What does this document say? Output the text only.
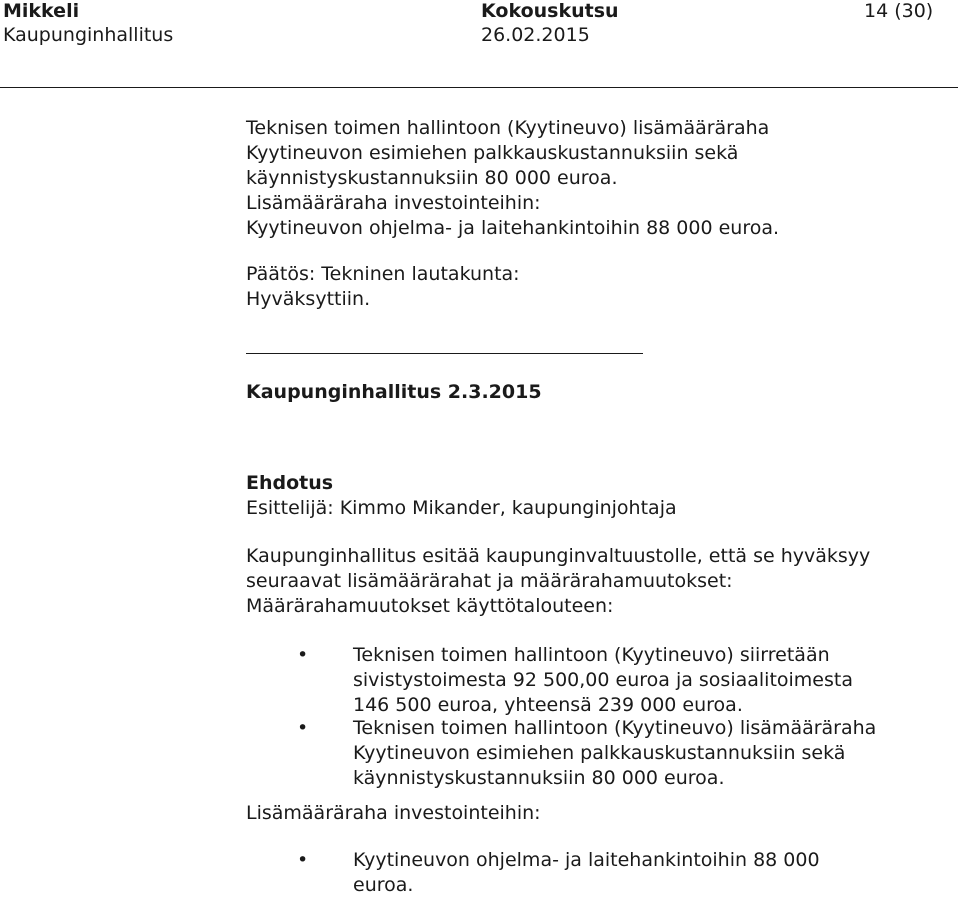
Mikkeli
Kaupunginhallitus
Kokouskutsu
26.02.2015
14 (30)
Teknisen toimen hallintoon (Kyytineuvo) lisämääräraha
Kyytineuvon esimiehen palkkauskustannuksiin sekä
käynnistyskustannuksiin 80 000 euroa.
Lisämääräraha investointeihin:
Kyytineuvon ohjelma- ja laitehankintoihin 88 000 euroa.
Päätös: Tekninen lautakunta:
Hyväksyttiin.
Kaupunginhallitus 2.3.2015
Ehdotus
Esittelijä: Kimmo Mikander, kaupunginjohtaja
Kaupunginhallitus esitää kaupunginvaltuustolle, että se hyväksyy
seuraavat lisämäärärahat ja määrärahamuutokset:
Määrärahamuutokset käyttötalouteen:
• Teknisen toimen hallintoon (Kyytineuvo) siirretään
sivistystoimesta 92 500,00 euroa ja sosiaalitoimesta
146 500 euroa, yhteensä 239 000 euroa.
• Teknisen toimen hallintoon (Kyytineuvo) lisämääräraha
Kyytineuvon esimiehen palkkauskustannuksiin sekä
käynnistyskustannuksiin 80 000 euroa.
Lisämääräraha investointeihin:
• Kyytineuvon ohjelma- ja laitehankintoihin 88 000
euroa.
